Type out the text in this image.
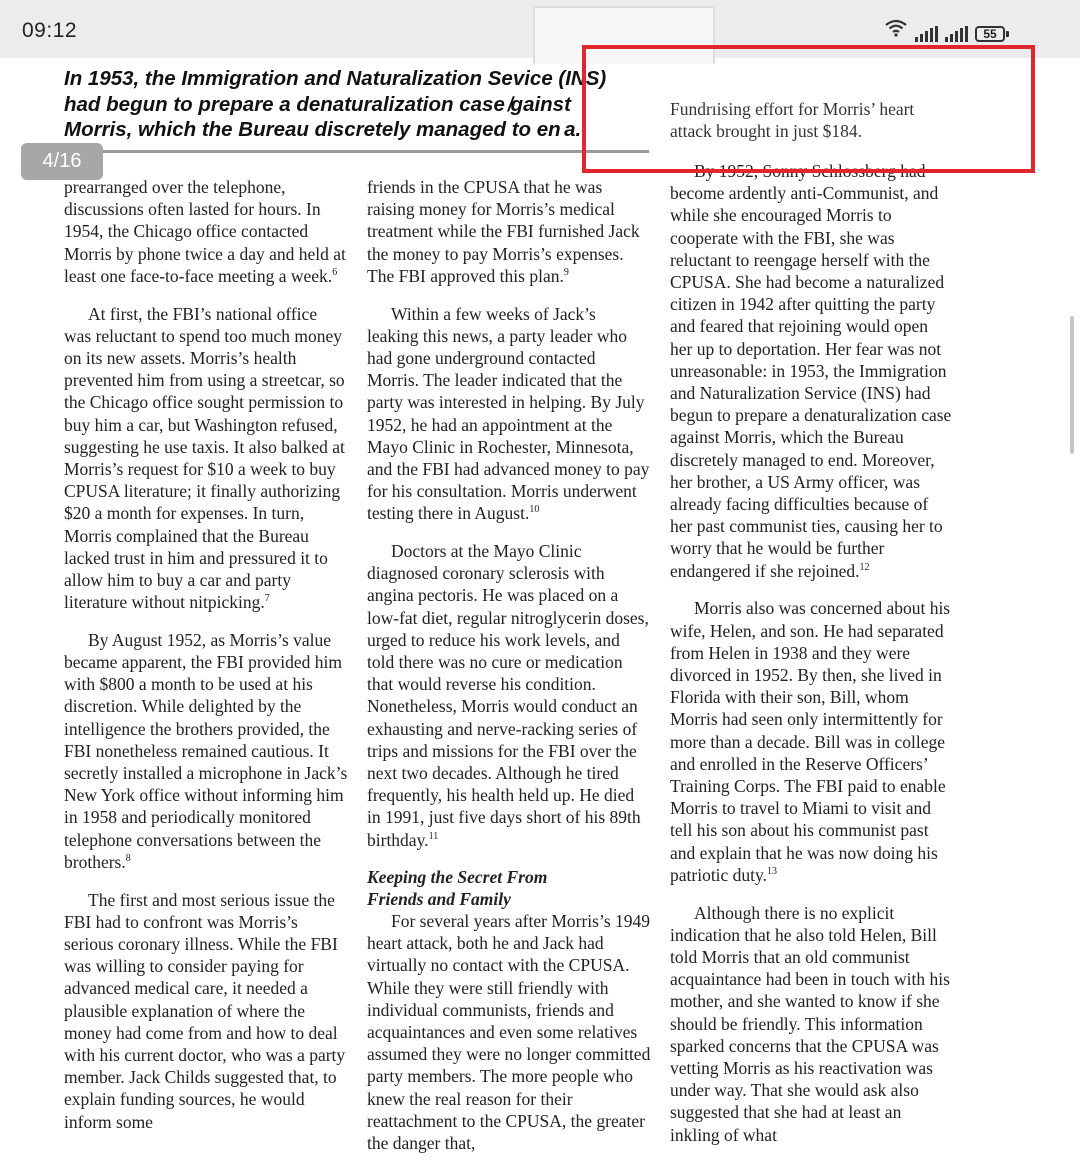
09:12	55
In 1953, the Immigration and Naturalization Se​vice (INS)
had begun to prepare a denaturalization case ̸gainst
Morris, which the Bureau discretely managed to en a.
4/16
Fundrıising effort for Morris’ heart
attack brought in just $184.

prearranged over the telephone, discussions often lasted for hours. In 1954, the Chicago office contacted Morris by phone twice a day and held at least one face-to-face meeting a week.$^6$

At first, the FBI’s national office was reluctant to spend too much money on its new assets. Morris’s health prevented him from using a streetcar, so the Chicago office sought permission to buy him a car, but Washington refused, suggesting he use taxis. It also balked at Morris’s request for $10 a week to buy CPUSA literature; it finally authorizing $20 a month for expenses. In turn, Morris complained that the Bureau lacked trust in him and pressured it to allow him to buy a car and party literature without nitpicking.$^7$

By August 1952, as Morris’s value became apparent, the FBI provided him with $800 a month to be used at his discretion. While delighted by the intelligence the brothers provided, the FBI nonetheless remained cautious. It secretly installed a microphone in Jack’s New York office without informing him in 1958 and periodically monitored telephone conversations between the brothers.$^8$

The first and most serious issue the FBI had to confront was Morris’s serious coronary illness. While the FBI was willing to consider paying for advanced medical care, it needed a plausible explanation of where the money had come from and how to deal with his current doctor, who was a party member. Jack Childs suggested that, to explain funding sources, he would inform some

friends in the CPUSA that he was raising money for Morris’s medical treatment while the FBI furnished Jack the money to pay Morris’s expenses. The FBI approved this plan.$^9$

Within a few weeks of Jack’s leaking this news, a party leader who had gone underground contacted Morris. The leader indicated that the party was interested in helping. By July 1952, he had an appointment at the Mayo Clinic in Rochester, Minnesota, and the FBI had advanced money to pay for his consultation. Morris underwent testing there in August.$^{10}$

Doctors at the Mayo Clinic diagnosed coronary sclerosis with angina pectoris. He was placed on a low-fat diet, regular nitroglycerin doses, urged to reduce his work levels, and told there was no cure or medication that would reverse his condition. Nonetheless, Morris would conduct an exhausting and nerve-racking series of trips and missions for the FBI over the next two decades. Although he tired frequently, his health held up. He died in 1991, just five days short of his 89th birthday.$^{11}$

Keeping the Secret From
Friends and Family

For several years after Morris’s 1949 heart attack, both he and Jack had virtually no contact with the CPUSA. While they were still friendly with individual communists, friends and acquaintances and even some relatives assumed they were no longer committed party members. The more people who knew the real reason for their reattachment to the CPUSA, the greater the danger that,

By 1952, Sonny Schlossberg had become ardently anti-Communist, and while she encouraged Morris to cooperate with the FBI, she was reluctant to reengage herself with the CPUSA. She had become a naturalized citizen in 1942 after quitting the party and feared that rejoining would open her up to deportation. Her fear was not unreasonable: in 1953, the Immigration and Naturalization Service (INS) had begun to prepare a denaturalization case against Morris, which the Bureau discretely managed to end. Moreover, her brother, a US Army officer, was already facing difficulties because of her past communist ties, causing her to worry that he would be further endangered if she rejoined.$^{12}$

Morris also was concerned about his wife, Helen, and son. He had separated from Helen in 1938 and they were divorced in 1952. By then, she lived in Florida with their son, Bill, whom Morris had seen only intermittently for more than a decade. Bill was in college and enrolled in the Reserve Officers’ Training Corps. The FBI paid to enable Morris to travel to Miami to visit and tell his son about his communist past and explain that he was now doing his patriotic duty.$^{13}$

Although there is no explicit indication that he also told Helen, Bill told Morris that an old communist acquaintance had been in touch with his mother, and she wanted to know if she should be friendly. This information sparked concerns that the CPUSA was vetting Morris as his reactivation was under way. That she would ask also suggested that she had at least an inkling of what
